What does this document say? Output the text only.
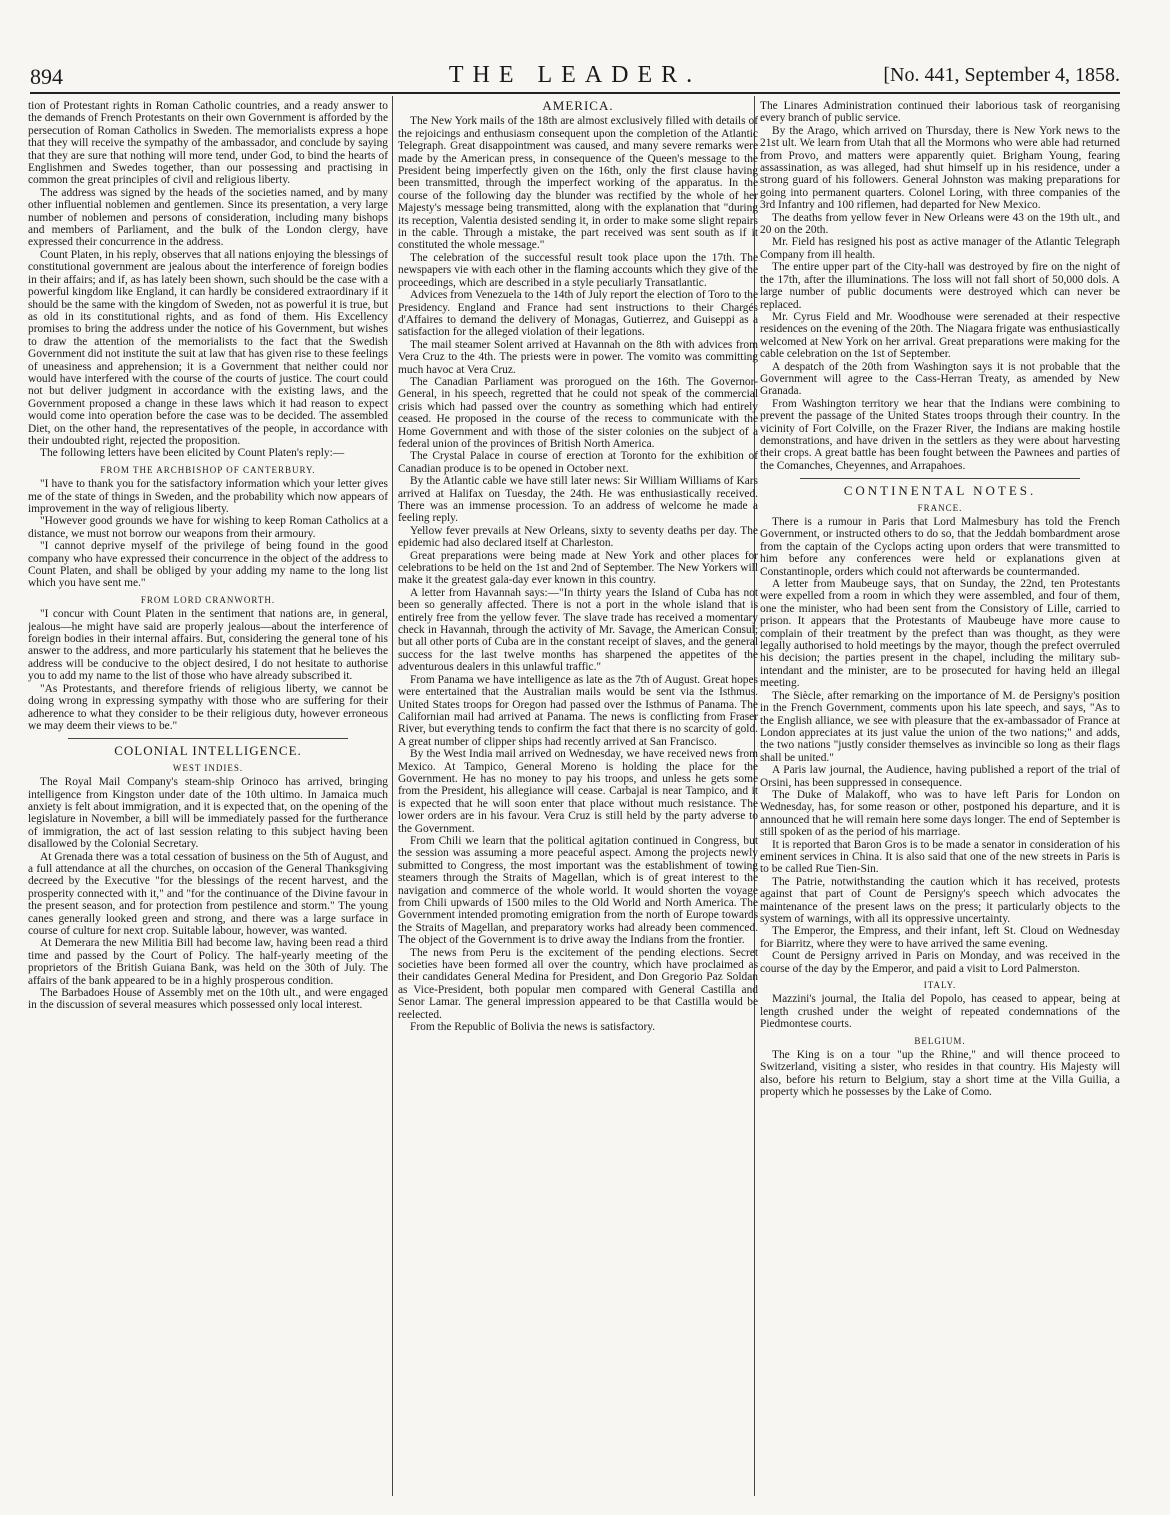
894	THE LEADER.	[No. 441, September 4, 1858.

tion of Protestant rights in Roman Catholic countries, and a ready answer to the demands of French Protestants on their own Government is afforded by the persecution of Roman Catholics in Sweden. The memorialists express a hope that they will receive the sympathy of the ambassador, and conclude by saying that they are sure that nothing will more tend, under God, to bind the hearts of Englishmen and Swedes together, than our possessing and practising in common the great principles of civil and religious liberty.

The address was signed by the heads of the societies named, and by many other influential noblemen and gentlemen. Since its presentation, a very large number of noblemen and persons of consideration, including many bishops and members of Parliament, and the bulk of the London clergy, have expressed their concurrence in the address.

Count Platen, in his reply, observes that all nations enjoying the blessings of constitutional government are jealous about the interference of foreign bodies in their affairs; and if, as has lately been shown, such should be the case with a powerful kingdom like England, it can hardly be considered extraordinary if it should be the same with the kingdom of Sweden, not as powerful it is true, but as old in its constitutional rights, and as fond of them. His Excellency promises to bring the address under the notice of his Government, but wishes to draw the attention of the memorialists to the fact that the Swedish Government did not institute the suit at law that has given rise to these feelings of uneasiness and apprehension; it is a Government that neither could nor would have interfered with the course of the courts of justice. The court could not but deliver judgment in accordance with the existing laws, and the Government proposed a change in these laws which it had reason to expect would come into operation before the case was to be decided. The assembled Diet, on the other hand, the representatives of the people, in accordance with their undoubted right, rejected the proposition.

The following letters have been elicited by Count Platen's reply:—

FROM THE ARCHBISHOP OF CANTERBURY.

"I have to thank you for the satisfactory information which your letter gives me of the state of things in Sweden, and the probability which now appears of improvement in the way of religious liberty.

"However good grounds we have for wishing to keep Roman Catholics at a distance, we must not borrow our weapons from their armoury.

"I cannot deprive myself of the privilege of being found in the good company who have expressed their concurrence in the object of the address to Count Platen, and shall be obliged by your adding my name to the long list which you have sent me."

FROM LORD CRANWORTH.

"I concur with Count Platen in the sentiment that nations are, in general, jealous—he might have said are properly jealous—about the interference of foreign bodies in their internal affairs. But, considering the general tone of his answer to the address, and more particularly his statement that he believes the address will be conducive to the object desired, I do not hesitate to authorise you to add my name to the list of those who have already subscribed it.

"As Protestants, and therefore friends of religious liberty, we cannot be doing wrong in expressing sympathy with those who are suffering for their adherence to what they consider to be their religious duty, however erroneous we may deem their views to be."

COLONIAL INTELLIGENCE.
WEST INDIES.

The Royal Mail Company's steam-ship Orinoco has arrived, bringing intelligence from Kingston under date of the 10th ultimo. In Jamaica much anxiety is felt about immigration, and it is expected that, on the opening of the legislature in November, a bill will be immediately passed for the furtherance of immigration, the act of last session relating to this subject having been disallowed by the Colonial Secretary.

At Grenada there was a total cessation of business on the 5th of August, and a full attendance at all the churches, on occasion of the General Thanksgiving decreed by the Executive "for the blessings of the recent harvest, and the prosperity connected with it," and "for the continuance of the Divine favour in the present season, and for protection from pestilence and storm." The young canes generally looked green and strong, and there was a large surface in course of culture for next crop. Suitable labour, however, was wanted.

At Demerara the new Militia Bill had become law, having been read a third time and passed by the Court of Policy. The half-yearly meeting of the proprietors of the British Guiana Bank, was held on the 30th of July. The affairs of the bank appeared to be in a highly prosperous condition.

The Barbadoes House of Assembly met on the 10th ult., and were engaged in the discussion of several measures which possessed only local interest.

AMERICA.

The New York mails of the 18th are almost exclusively filled with details of the rejoicings and enthusiasm consequent upon the completion of the Atlantic Telegraph. Great disappointment was caused, and many severe remarks were made by the American press, in consequence of the Queen's message to the President being imperfectly given on the 16th, only the first clause having been transmitted, through the imperfect working of the apparatus. In the course of the following day the blunder was rectified by the whole of her Majesty's message being transmitted, along with the explanation that "during its reception, Valentia desisted sending it, in order to make some slight repairs in the cable. Through a mistake, the part received was sent south as if it constituted the whole message."

The celebration of the successful result took place upon the 17th. The newspapers vie with each other in the flaming accounts which they give of the proceedings, which are described in a style peculiarly Transatlantic.

Advices from Venezuela to the 14th of July report the election of Toro to the Presidency. England and France had sent instructions to their Chargés d'Affaires to demand the delivery of Monagas, Gutierrez, and Guiseppi as a satisfaction for the alleged violation of their legations.

The mail steamer Solent arrived at Havannah on the 8th with advices from Vera Cruz to the 4th. The priests were in power. The vomito was committing much havoc at Vera Cruz.

The Canadian Parliament was prorogued on the 16th. The Governor-General, in his speech, regretted that he could not speak of the commercial crisis which had passed over the country as something which had entirely ceased. He proposed in the course of the recess to communicate with the Home Government and with those of the sister colonies on the subject of a federal union of the provinces of British North America.

The Crystal Palace in course of erection at Toronto for the exhibition of Canadian produce is to be opened in October next.

By the Atlantic cable we have still later news: Sir William Williams of Kars arrived at Halifax on Tuesday, the 24th. He was enthusiastically received. There was an immense procession. To an address of welcome he made a feeling reply.

Yellow fever prevails at New Orleans, sixty to seventy deaths per day. The epidemic had also declared itself at Charleston.

Great preparations were being made at New York and other places for celebrations to be held on the 1st and 2nd of September. The New Yorkers will make it the greatest gala-day ever known in this country.

A letter from Havannah says:—"In thirty years the Island of Cuba has not been so generally affected. There is not a port in the whole island that is entirely free from the yellow fever. The slave trade has received a momentary check in Havannah, through the activity of Mr. Savage, the American Consul; but all other ports of Cuba are in the constant receipt of slaves, and the general success for the last twelve months has sharpened the appetites of the adventurous dealers in this unlawful traffic."

From Panama we have intelligence as late as the 7th of August. Great hopes were entertained that the Australian mails would be sent via the Isthmus. United States troops for Oregon had passed over the Isthmus of Panama. The Californian mail had arrived at Panama. The news is conflicting from Fraser River, but everything tends to confirm the fact that there is no scarcity of gold. A great number of clipper ships had recently arrived at San Francisco.

By the West India mail arrived on Wednesday, we have received news from Mexico. At Tampico, General Moreno is holding the place for the Government. He has no money to pay his troops, and unless he gets some from the President, his allegiance will cease. Carbajal is near Tampico, and it is expected that he will soon enter that place without much resistance. The lower orders are in his favour. Vera Cruz is still held by the party adverse to the Government.

From Chili we learn that the political agitation continued in Congress, but the session was assuming a more peaceful aspect. Among the projects newly submitted to Congress, the most important was the establishment of towing steamers through the Straits of Magellan, which is of great interest to the navigation and commerce of the whole world. It would shorten the voyage from Chili upwards of 1500 miles to the Old World and North America. The Government intended promoting emigration from the north of Europe towards the Straits of Magellan, and preparatory works had already been commenced. The object of the Government is to drive away the Indians from the frontier.

The news from Peru is the excitement of the pending elections. Secret societies have been formed all over the country, which have proclaimed as their candidates General Medina for President, and Don Gregorio Paz Soldan as Vice-President, both popular men compared with General Castilla and Senor Lamar. The general impression appeared to be that Castilla would be reelected.

From the Republic of Bolivia the news is satisfactory.

The Linares Administration continued their laborious task of reorganising every branch of public service.

By the Arago, which arrived on Thursday, there is New York news to the 21st ult. We learn from Utah that all the Mormons who were able had returned from Provo, and matters were apparently quiet. Brigham Young, fearing assassination, as was alleged, had shut himself up in his residence, under a strong guard of his followers. General Johnston was making preparations for going into permanent quarters. Colonel Loring, with three companies of the 3rd Infantry and 100 riflemen, had departed for New Mexico.

The deaths from yellow fever in New Orleans were 43 on the 19th ult., and 20 on the 20th.

Mr. Field has resigned his post as active manager of the Atlantic Telegraph Company from ill health.

The entire upper part of the City-hall was destroyed by fire on the night of the 17th, after the illuminations. The loss will not fall short of 50,000 dols. A large number of public documents were destroyed which can never be replaced.

Mr. Cyrus Field and Mr. Woodhouse were serenaded at their respective residences on the evening of the 20th. The Niagara frigate was enthusiastically welcomed at New York on her arrival. Great preparations were making for the cable celebration on the 1st of September.

A despatch of the 20th from Washington says it is not probable that the Government will agree to the Cass-Herran Treaty, as amended by New Granada.

From Washington territory we hear that the Indians were combining to prevent the passage of the United States troops through their country. In the vicinity of Fort Colville, on the Frazer River, the Indians are making hostile demonstrations, and have driven in the settlers as they were about harvesting their crops. A great battle has been fought between the Pawnees and parties of the Comanches, Cheyennes, and Arrapahoes.

CONTINENTAL NOTES.
FRANCE.

There is a rumour in Paris that Lord Malmesbury has told the French Government, or instructed others to do so, that the Jeddah bombardment arose from the captain of the Cyclops acting upon orders that were transmitted to him before any conferences were held or explanations given at Constantinople, orders which could not afterwards be countermanded.

A letter from Maubeuge says, that on Sunday, the 22nd, ten Protestants were expelled from a room in which they were assembled, and four of them, one the minister, who had been sent from the Consistory of Lille, carried to prison. It appears that the Protestants of Maubeuge have more cause to complain of their treatment by the prefect than was thought, as they were legally authorised to hold meetings by the mayor, though the prefect overruled his decision; the parties present in the chapel, including the military sub-intendant and the minister, are to be prosecuted for having held an illegal meeting.

The Siècle, after remarking on the importance of M. de Persigny's position in the French Government, comments upon his late speech, and says, "As to the English alliance, we see with pleasure that the ex-ambassador of France at London appreciates at its just value the union of the two nations;" and adds, the two nations "justly consider themselves as invincible so long as their flags shall be united."

A Paris law journal, the Audience, having published a report of the trial of Orsini, has been suppressed in consequence.

The Duke of Malakoff, who was to have left Paris for London on Wednesday, has, for some reason or other, postponed his departure, and it is announced that he will remain here some days longer. The end of September is still spoken of as the period of his marriage.

It is reported that Baron Gros is to be made a senator in consideration of his eminent services in China. It is also said that one of the new streets in Paris is to be called Rue Tien-Sin.

The Patrie, notwithstanding the caution which it has received, protests against that part of Count de Persigny's speech which advocates the maintenance of the present laws on the press; it particularly objects to the system of warnings, with all its oppressive uncertainty.

The Emperor, the Empress, and their infant, left St. Cloud on Wednesday for Biarritz, where they were to have arrived the same evening.

Count de Persigny arrived in Paris on Monday, and was received in the course of the day by the Emperor, and paid a visit to Lord Palmerston.

ITALY.

Mazzini's journal, the Italia del Popolo, has ceased to appear, being at length crushed under the weight of repeated condemnations of the Piedmontese courts.

BELGIUM.

The King is on a tour "up the Rhine," and will thence proceed to Switzerland, visiting a sister, who resides in that country. His Majesty will also, before his return to Belgium, stay a short time at the Villa Guilia, a property which he possesses by the Lake of Como.
